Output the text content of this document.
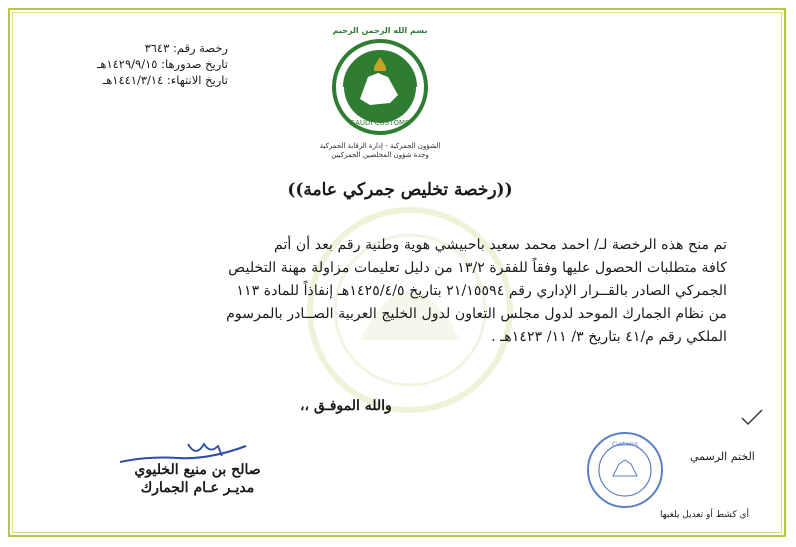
رخصة رقم: ٣٦٤٣
تاريخ صدورها: ١٤٢٩/٩/١٥هـ
تاريخ الانتهاء: ١٤٤١/٣/١٤هـ
بسم الله الرحمن الرحيم
SAUDI CUSTOMS
الشؤون الجمركية - إدارة الرقابة الجمركية
وحدة شؤون المخلصين الجمركيين
((رخصة تخليص جمركي عامة))

تم منح هذه الرخصة لـ/ احمد محمد سعيد باحبيشي هوية وطنية رقم بعد أن أتم

كافة متطلبات الحصول عليها وفقاً للفقرة ١٣/٢ من دليل تعليمات مزاولة مهنة التخليص

الجمركي الصادر بالقــرار الإداري رقم ٢١/١٥٥٩٤ بتاريخ ١٤٢٥/٤/٥هـ إنفاذاً للمادة ١١٣

من نظام الجمارك الموحد لدول مجلس التعاون لدول الخليج العربية الصــادر بالمرسوم

الملكي رقم م/٤١ بتاريخ ٣/ ١١/ ١٤٢٣هـ .

والله الموفـق ،،
صالح بن منيع الخليوي
مديـر عـام الجمارك
Customs
الختم الرسمي
أي كشط أو تعديل يلغيها
